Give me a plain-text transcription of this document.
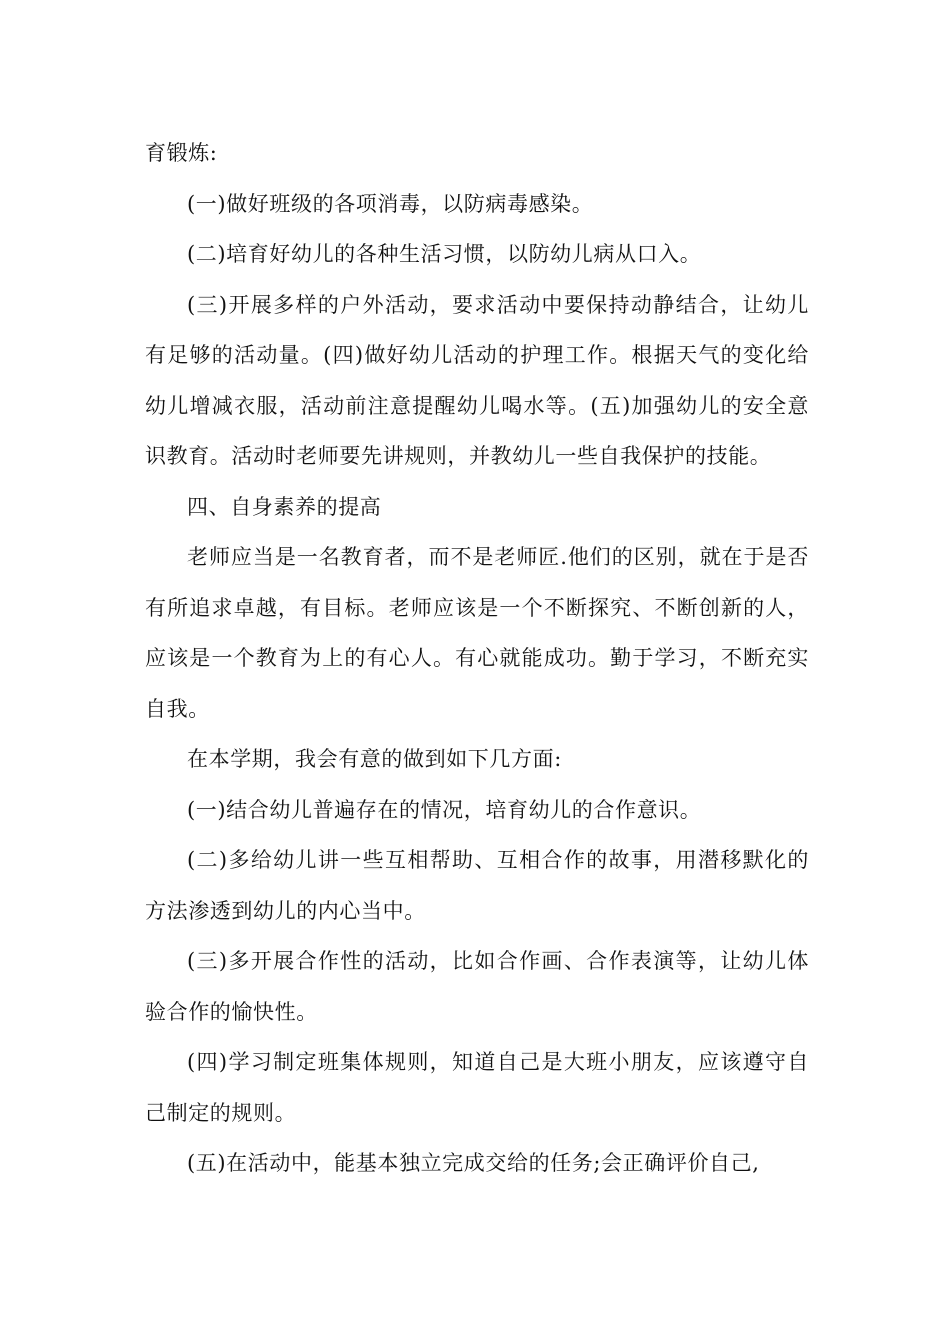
育锻炼:

(一)做好班级的各项消毒，以防病毒感染。

(二)培育好幼儿的各种生活习惯，以防幼儿病从口入。

(三)开展多样的户外活动，要求活动中要保持动静结合，让幼儿有足够的活动量。(四)做好幼儿活动的护理工作。根据天气的变化给幼儿增减衣服，活动前注意提醒幼儿喝水等。(五)加强幼儿的安全意识教育。活动时老师要先讲规则，并教幼儿一些自我保护的技能。

四、自身素养的提高

老师应当是一名教育者，而不是老师匠.他们的区别，就在于是否有所追求卓越，有目标。老师应该是一个不断探究、不断创新的人，应该是一个教育为上的有心人。有心就能成功。勤于学习，不断充实自我。

在本学期，我会有意的做到如下几方面:

(一)结合幼儿普遍存在的情况，培育幼儿的合作意识。

(二)多给幼儿讲一些互相帮助、互相合作的故事，用潜移默化的方法渗透到幼儿的内心当中。

(三)多开展合作性的活动，比如合作画、合作表演等，让幼儿体验合作的愉快性。

(四)学习制定班集体规则，知道自己是大班小朋友，应该遵守自己制定的规则。

(五)在活动中，能基本独立完成交给的任务;会正确评价自己,
